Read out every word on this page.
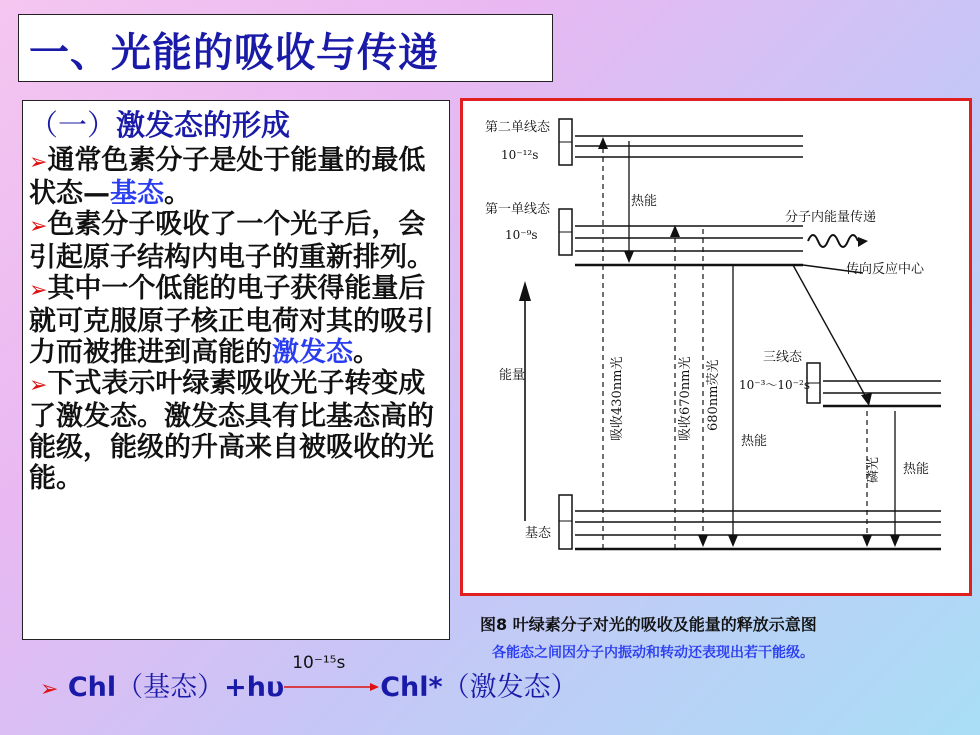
一、光能的吸收与传递
（一）激发态的形成
➢通常色素分子是处于能量的最低状态—基态。
➢色素分子吸收了一个光子后，会引起原子结构内电子的重新排列。
➢其中一个低能的电子获得能量后就可克服原子核正电荷对其的吸引力而被推进到高能的激发态。
➢下式表示叶绿素吸收光子转变成了激发态。激发态具有比基态高的能级，能级的升高来自被吸收的光能。
第二单线态
10⁻¹²s
第一单线态
10⁻⁹s
热能
分子内能量传递
传向反应中心
能量	吸收430nm光	吸收670nm光 680nm荧光
热能
三线态
10⁻³～10⁻²s
磷光 热能
基态
图8 叶绿素分子对光的吸收及能量的释放示意图
各能态之间因分子内振动和转动还表现出若干能级。
➢ Chl（基态）+hυ
10⁻¹⁵s
Chl*（激发态）
